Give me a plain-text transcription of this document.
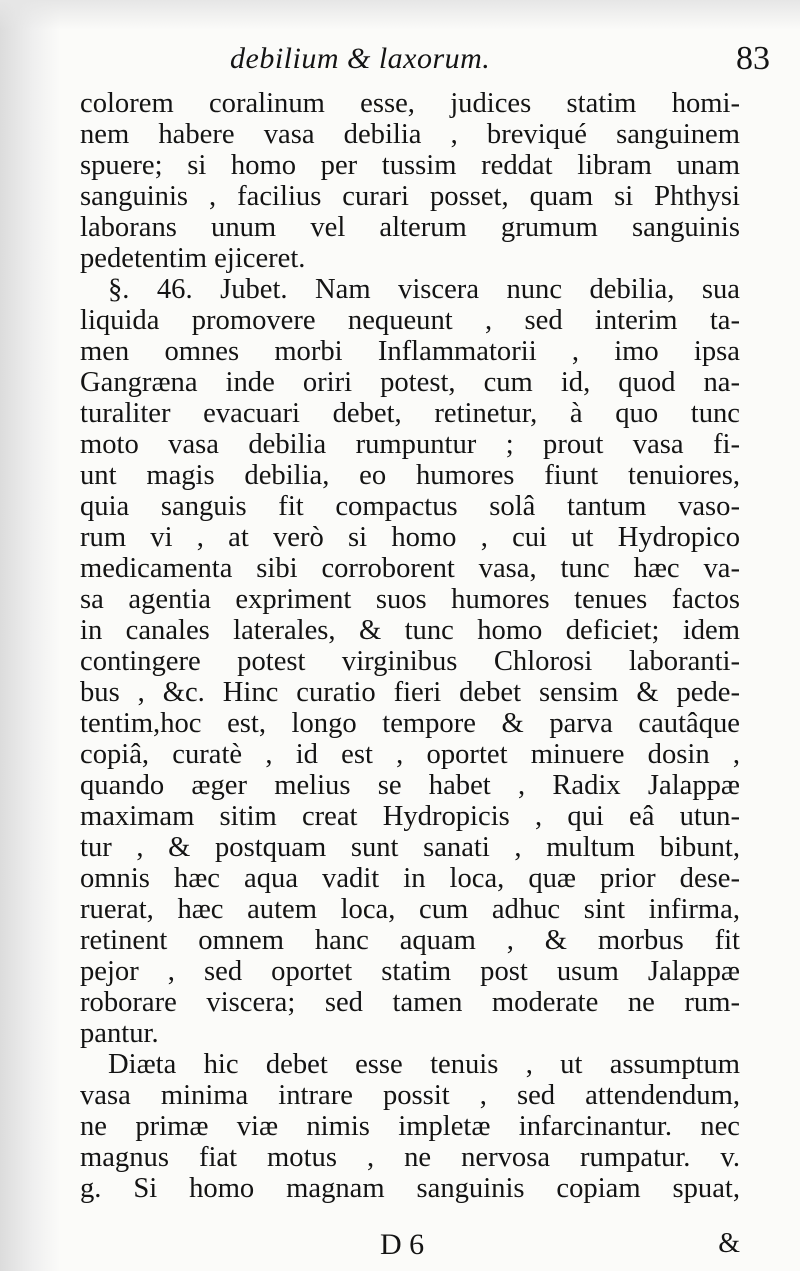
debilium & laxorum.	83
colorem coralinum esse, judices statim homi-
nem habere vasa debilia , breviqué sanguinem
spuere; si homo per tussim reddat libram unam
sanguinis , facilius curari posset, quam si Phthysi
laborans unum vel alterum grumum sanguinis
pedetentim ejiceret.
§. 46. Jubet. Nam viscera nunc debilia, sua
liquida promovere nequeunt , sed interim ta-
men omnes morbi Inflammatorii , imo ipsa
Gangræna inde oriri potest, cum id, quod na-
turaliter evacuari debet, retinetur, à quo tunc
moto vasa debilia rumpuntur ; prout vasa fi-
unt magis debilia, eo humores fiunt tenuiores,
quia sanguis fit compactus solâ tantum vaso-
rum vi , at verò si homo , cui ut Hydropico
medicamenta sibi corroborent vasa, tunc hæc va-
sa agentia expriment suos humores tenues factos
in canales laterales, & tunc homo deficiet; idem
contingere potest virginibus Chlorosi laboranti-
bus , &c. Hinc curatio fieri debet sensim & pede-
tentim,hoc est, longo tempore & parva cautâque
copiâ, curatè , id est , oportet minuere dosin ,
quando æger melius se habet , Radix Jalappæ
maximam sitim creat Hydropicis , qui eâ utun-
tur , & postquam sunt sanati , multum bibunt,
omnis hæc aqua vadit in loca, quæ prior dese-
ruerat, hæc autem loca, cum adhuc sint infirma,
retinent omnem hanc aquam , & morbus fit
pejor , sed oportet statim post usum Jalappæ
roborare viscera; sed tamen moderate ne rum-
pantur.
Diæta hic debet esse tenuis , ut assumptum
vasa minima intrare possit , sed attendendum,
ne primæ viæ nimis impletæ infarcinantur. nec
magnus fiat motus , ne nervosa rumpatur. v.
g. Si homo magnam sanguinis copiam spuat,
D 6	&
